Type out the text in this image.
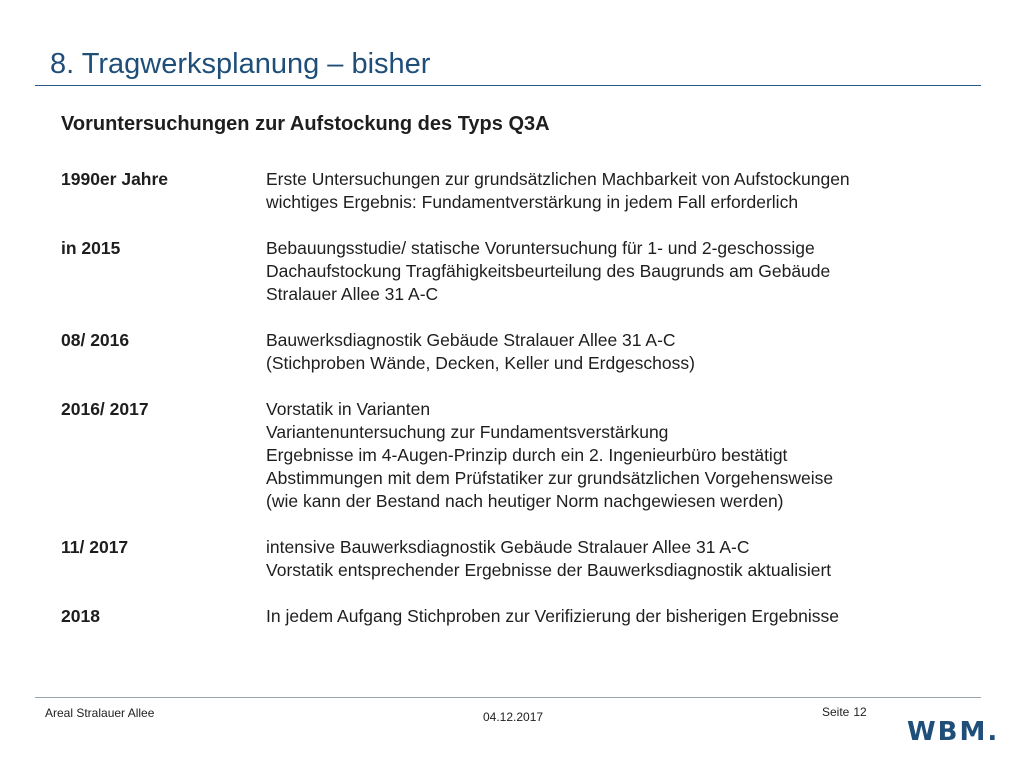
8. Tragwerksplanung – bisher
Voruntersuchungen zur Aufstockung des Typs Q3A
1990er Jahre	Erste Untersuchungen zur grundsätzlichen Machbarkeit von Aufstockungen
wichtiges Ergebnis: Fundamentverstärkung in jedem Fall erforderlich
in 2015	Bebauungsstudie/ statische Voruntersuchung für 1- und 2-geschossige
Dachaufstockung Tragfähigkeitsbeurteilung des Baugrunds am Gebäude
Stralauer Allee 31 A-C
08/ 2016	Bauwerksdiagnostik Gebäude Stralauer Allee 31 A-C
(Stichproben Wände, Decken, Keller und Erdgeschoss)
2016/ 2017	Vorstatik in Varianten
Variantenuntersuchung zur Fundamentsverstärkung
Ergebnisse im 4-Augen-Prinzip durch ein 2. Ingenieurbüro bestätigt
Abstimmungen mit dem Prüfstatiker zur grundsätzlichen Vorgehensweise
(wie kann der Bestand nach heutiger Norm nachgewiesen werden)
11/ 2017	intensive Bauwerksdiagnostik Gebäude Stralauer Allee 31 A-C
Vorstatik entsprechender Ergebnisse der Bauwerksdiagnostik aktualisiert
2018	In jedem Aufgang Stichproben zur Verifizierung der bisherigen Ergebnisse
Areal Stralauer Allee	04.12.2017	Seite 12
WBM.
